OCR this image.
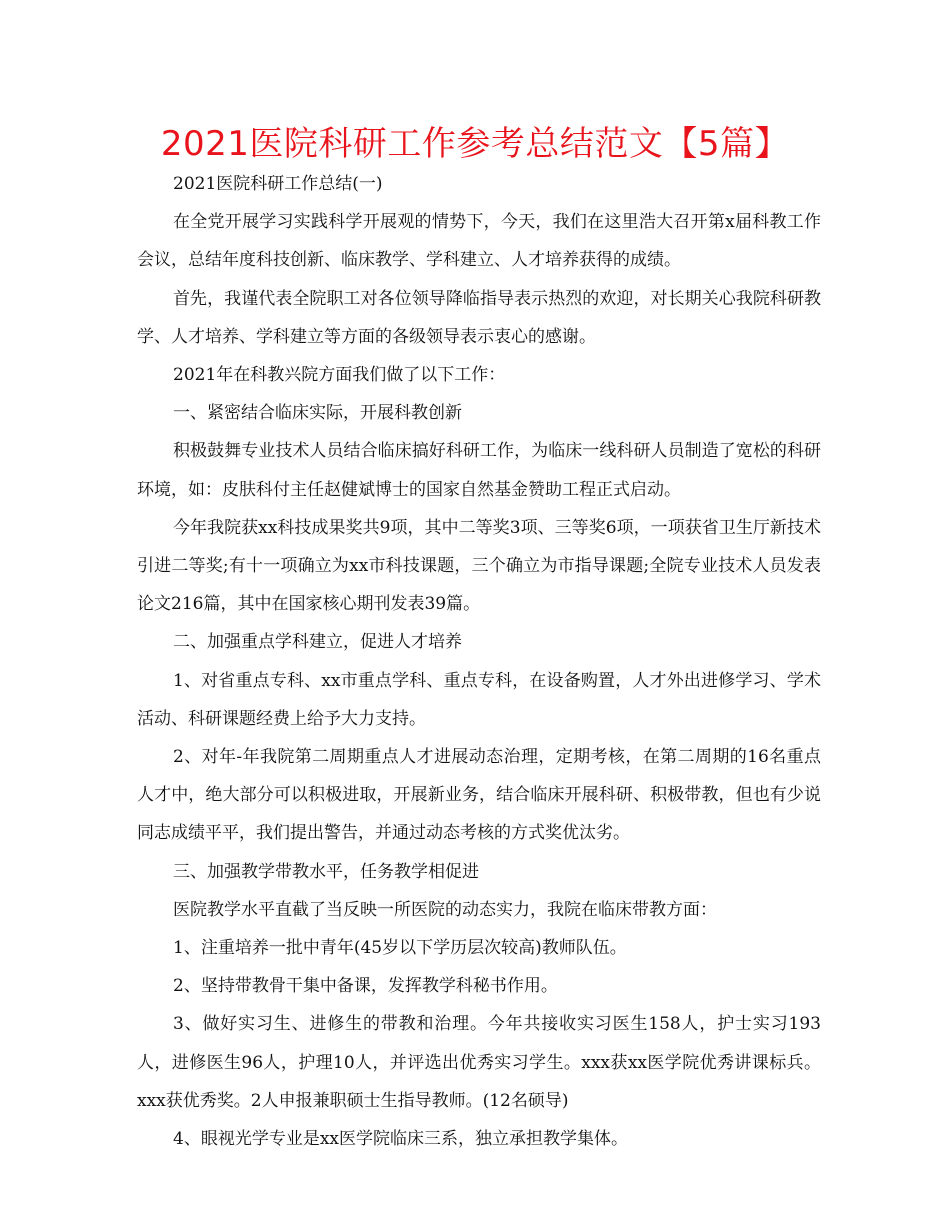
2021医院科研工作参考总结范文【5篇】

2021医院科研工作总结(一)

在全党开展学习实践科学开展观的情势下，今天，我们在这里浩大召开第x届科教工作会议，总结年度科技创新、临床教学、学科建立、人才培养获得的成绩。

首先，我谨代表全院职工对各位领导降临指导表示热烈的欢迎，对长期关心我院科研教学、人才培养、学科建立等方面的各级领导表示衷心的感谢。

2021年在科教兴院方面我们做了以下工作：

一、紧密结合临床实际，开展科教创新

积极鼓舞专业技术人员结合临床搞好科研工作，为临床一线科研人员制造了宽松的科研环境，如：皮肤科付主任赵健斌博士的国家自然基金赞助工程正式启动。

今年我院获xx科技成果奖共9项，其中二等奖3项、三等奖6项，一项获省卫生厅新技术引进二等奖;有十一项确立为xx市科技课题，三个确立为市指导课题;全院专业技术人员发表论文216篇，其中在国家核心期刊发表39篇。

二、加强重点学科建立，促进人才培养

1、对省重点专科、xx市重点学科、重点专科，在设备购置，人才外出进修学习、学术活动、科研课题经费上给予大力支持。

2、对年-年我院第二周期重点人才进展动态治理，定期考核，在第二周期的16名重点人才中，绝大部分可以积极进取，开展新业务，结合临床开展科研、积极带教，但也有少说同志成绩平平，我们提出警告，并通过动态考核的方式奖优汰劣。

三、加强教学带教水平，任务教学相促进

医院教学水平直截了当反映一所医院的动态实力，我院在临床带教方面：

1、注重培养一批中青年(45岁以下学历层次较高)教师队伍。

2、坚持带教骨干集中备课，发挥教学科秘书作用。

3、做好实习生、进修生的带教和治理。今年共接收实习医生158人，护士实习193人，进修医生96人，护理10人，并评选出优秀实习学生。xxx获xx医学院优秀讲课标兵。xxx获优秀奖。2人申报兼职硕士生指导教师。(12名硕导)

4、眼视光学专业是xx医学院临床三系，独立承担教学集体。
